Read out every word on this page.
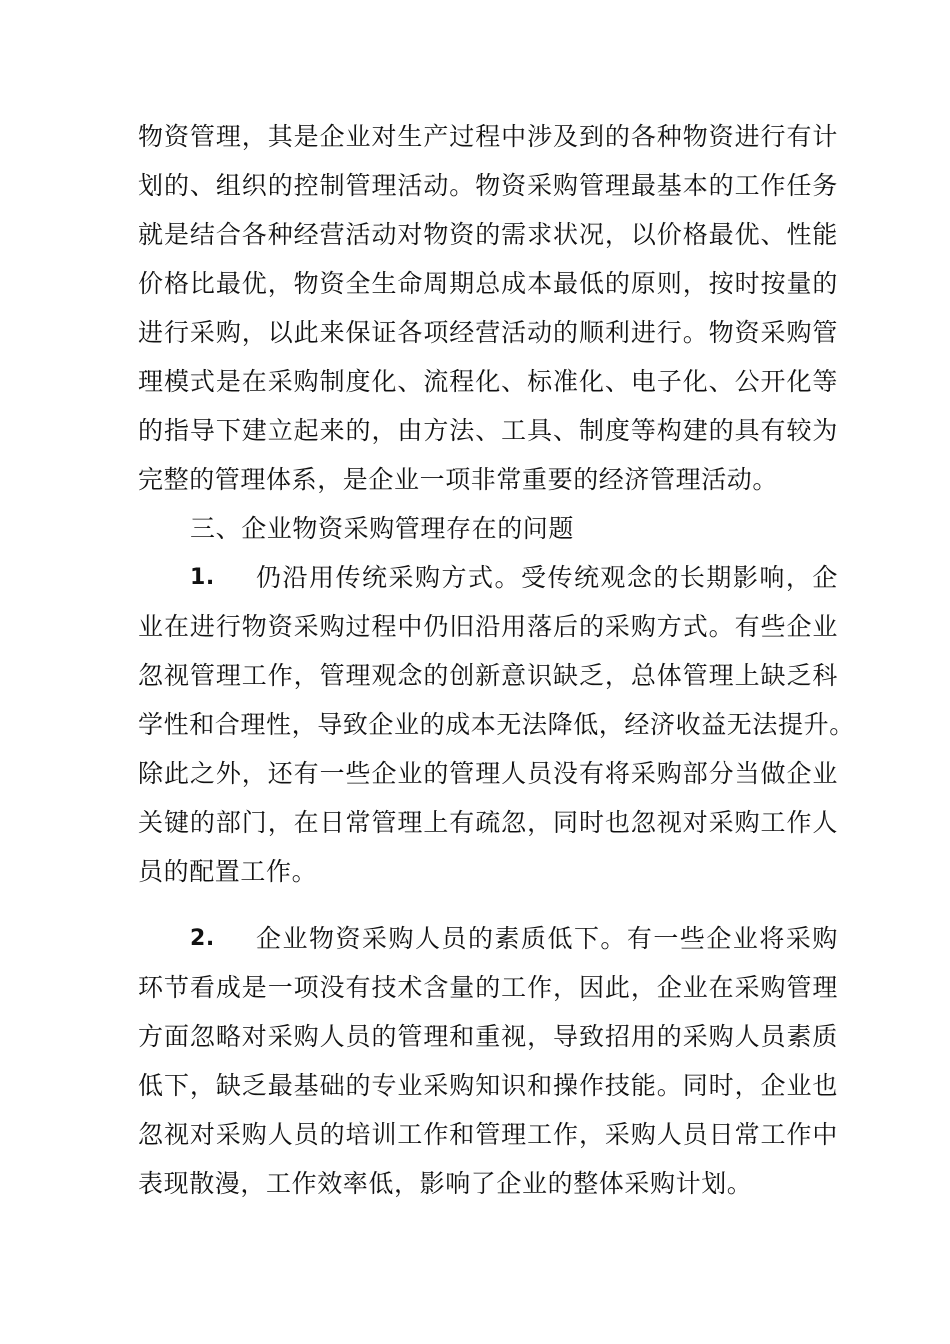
物资管理，其是企业对生产过程中涉及到的各种物资进行有计
划的、组织的控制管理活动。物资采购管理最基本的工作任务
就是结合各种经营活动对物资的需求状况，以价格最优、性能
价格比最优，物资全生命周期总成本最低的原则，按时按量的
进行采购，以此来保证各项经营活动的顺利进行。物资采购管
理模式是在采购制度化、流程化、标准化、电子化、公开化等
的指导下建立起来的，由方法、工具、制度等构建的具有较为
完整的管理体系，是企业一项非常重要的经济管理活动。
三、企业物资采购管理存在的问题
1.	仍沿用传统采购方式。受传统观念的长期影响，企
业在进行物资采购过程中仍旧沿用落后的采购方式。有些企业
忽视管理工作，管理观念的创新意识缺乏，总体管理上缺乏科
学性和合理性，导致企业的成本无法降低，经济收益无法提升。
除此之外，还有一些企业的管理人员没有将采购部分当做企业
关键的部门，在日常管理上有疏忽，同时也忽视对采购工作人
员的配置工作。
2.	企业物资采购人员的素质低下。有一些企业将采购
环节看成是一项没有技术含量的工作，因此，企业在采购管理
方面忽略对采购人员的管理和重视，导致招用的采购人员素质
低下，缺乏最基础的专业采购知识和操作技能。同时，企业也
忽视对采购人员的培训工作和管理工作，采购人员日常工作中
表现散漫，工作效率低，影响了企业的整体采购计划。
